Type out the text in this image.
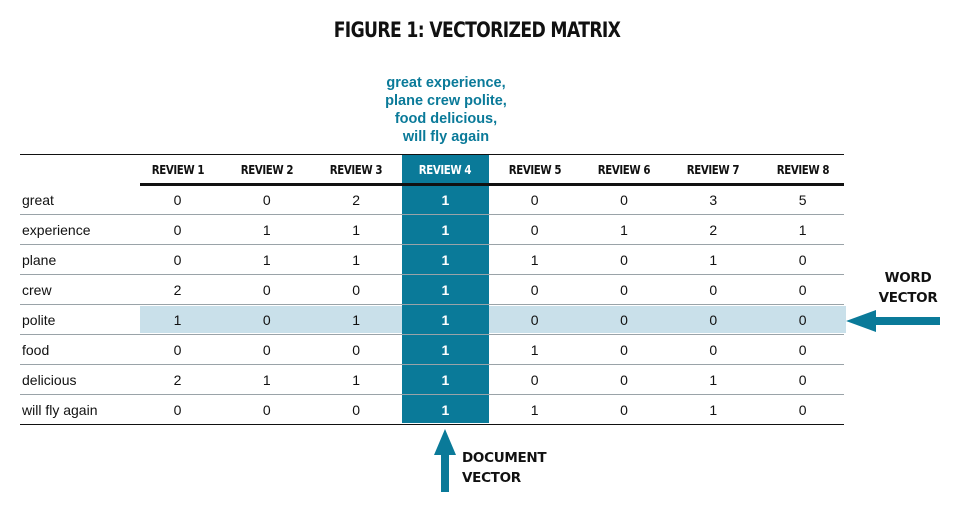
FIGURE 1: VECTORIZED MATRIX
great experience,
plane crew polite,
food delicious,
will fly again
REVIEW 1	REVIEW 2	REVIEW 3	REVIEW 4	REVIEW 5	REVIEW 6	REVIEW 7	REVIEW 8
great	0	0	2	1	0	0	3	5
experience	0	1	1	1	0	1	2	1
plane	0	1	1	1	1	0	1	0
crew	2	0	0	1	0	0	0	0
polite	1	0	1	1	0	0	0	0
food	0	0	0	1	1	0	0	0
delicious	2	1	1	1	0	0	1	0
will fly again	0	0	0	1	1	0	1	0
WORD
VECTOR
DOCUMENT
VECTOR
